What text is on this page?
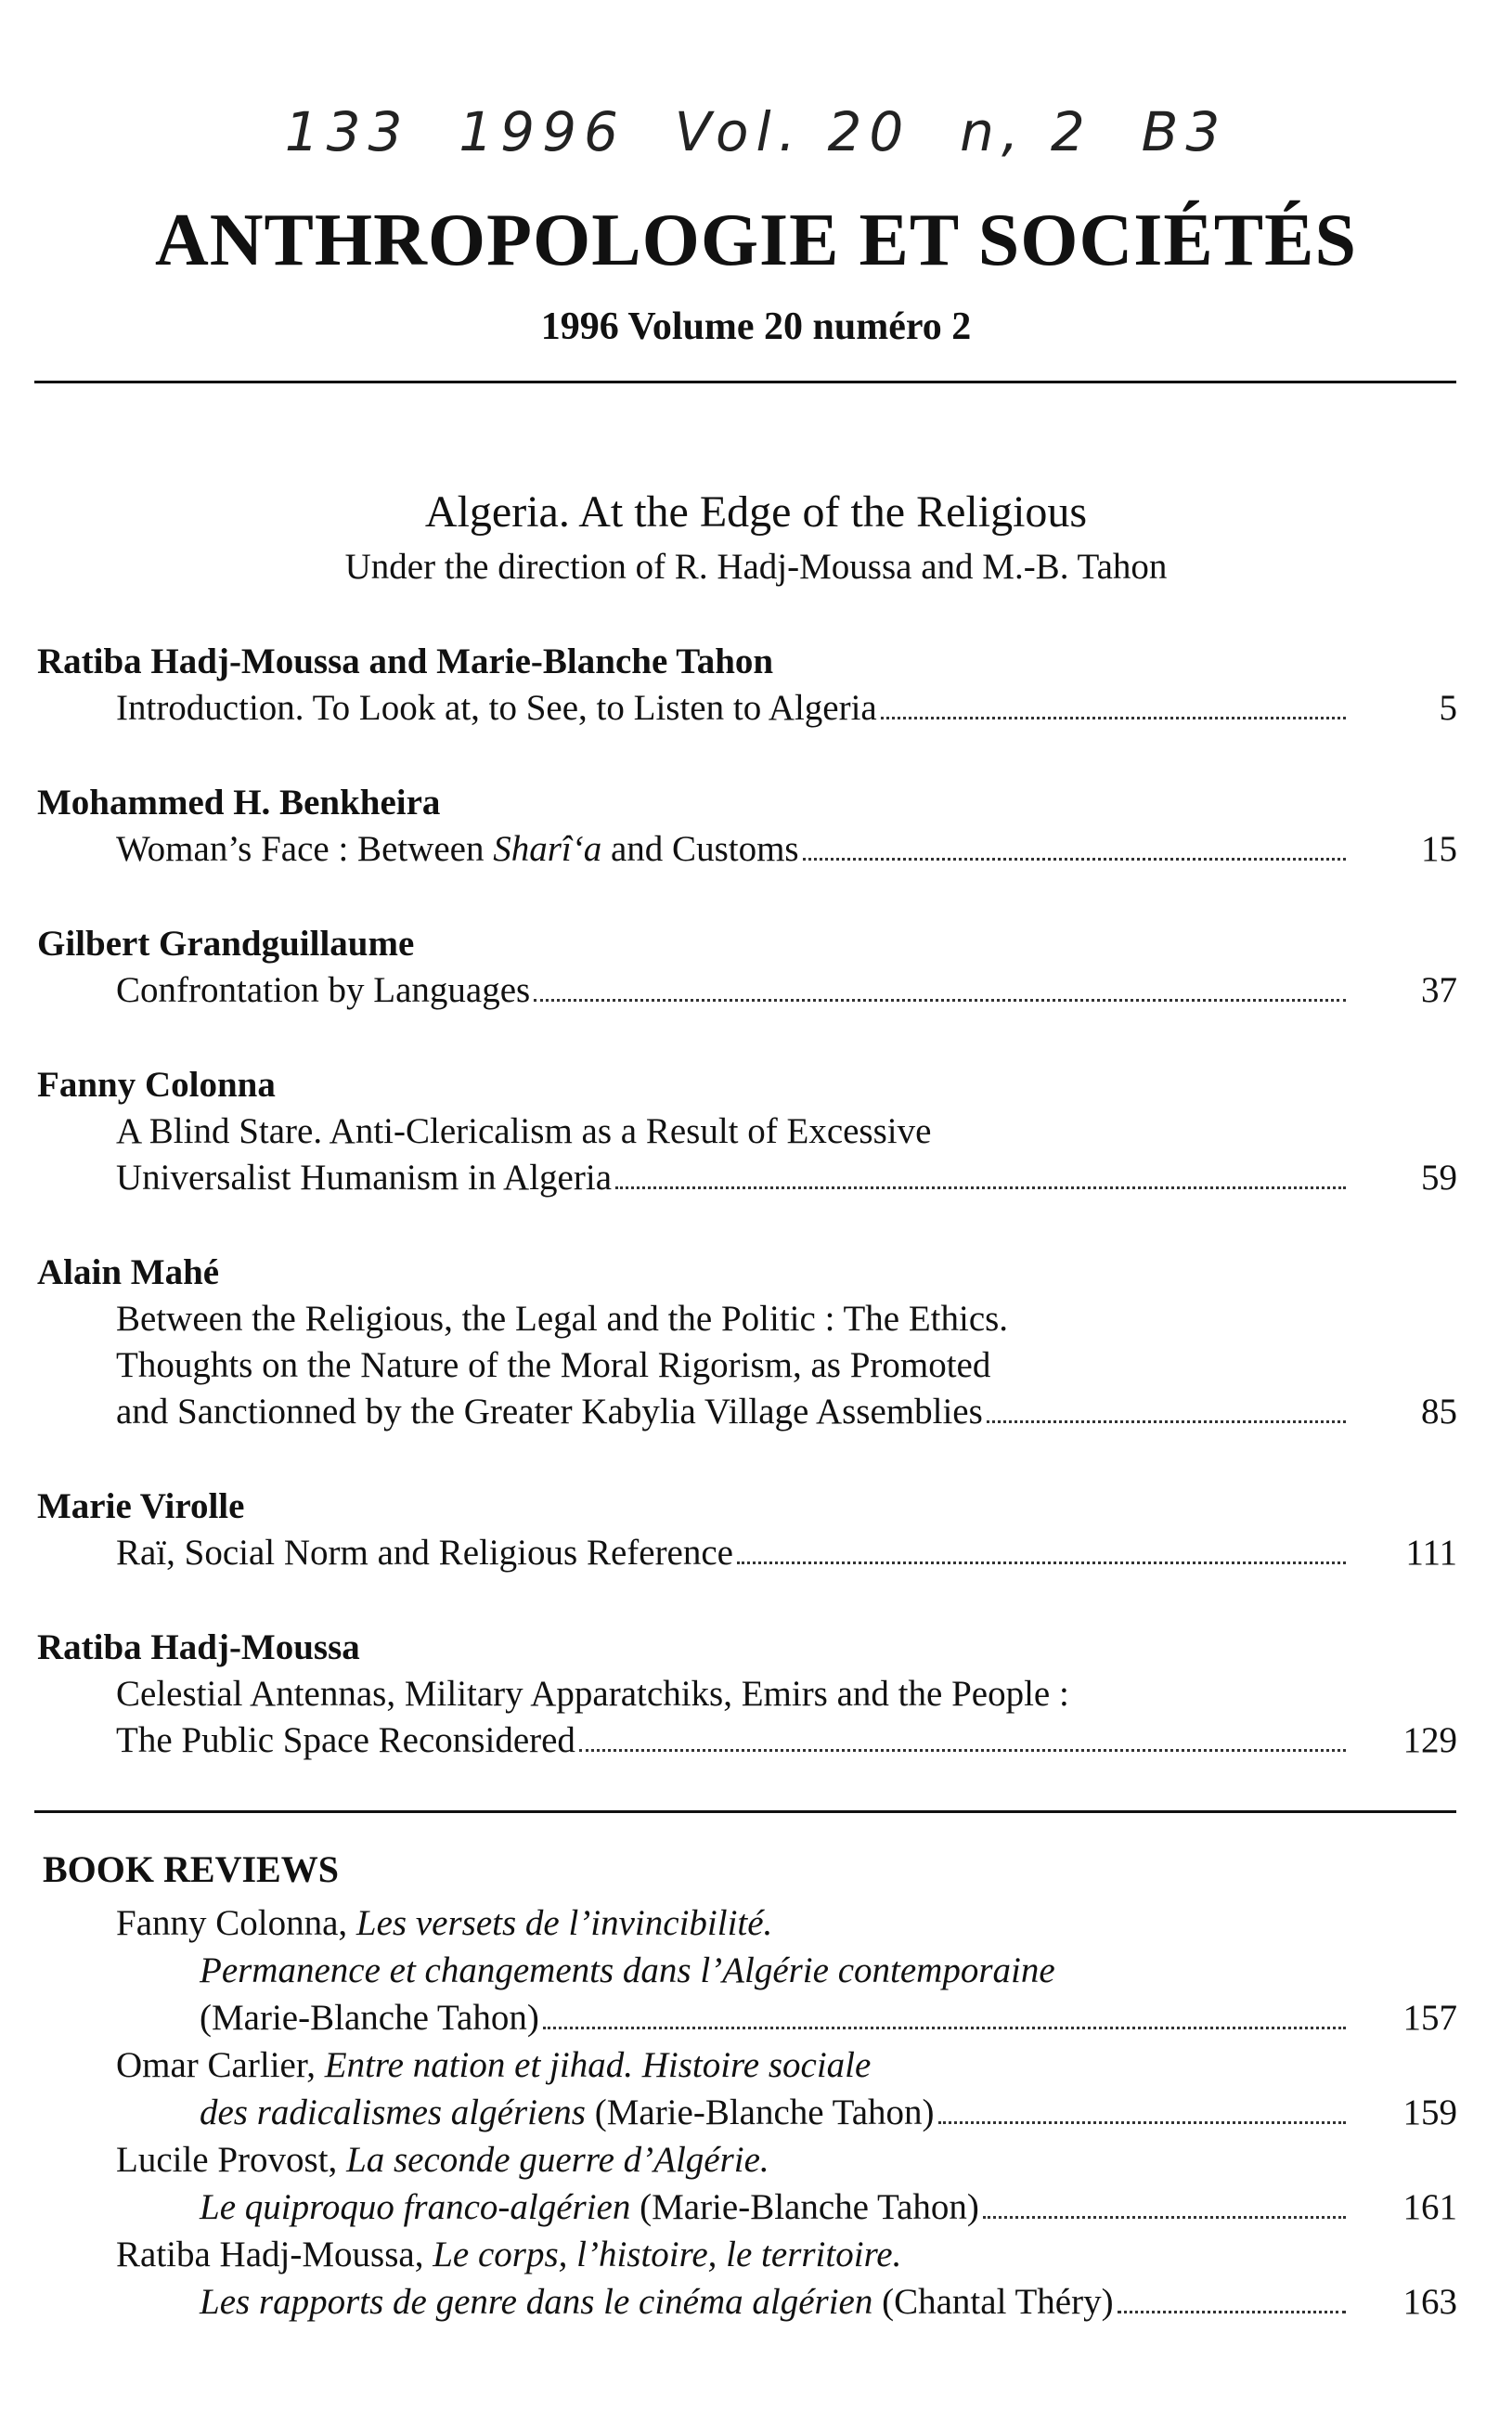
133  1996  Vol. 20  n, 2  B3
ANTHROPOLOGIE ET SOCIÉTÉS
1996 Volume 20 numéro 2
Algeria. At the Edge of the Religious
Under the direction of R. Hadj-Moussa and M.-B. Tahon
Ratiba Hadj-Moussa and Marie-Blanche Tahon
Introduction. To Look at, to See, to Listen to Algeria	5
Mohammed H. Benkheira
Woman’s Face : Between Sharî‘a and Customs	15
Gilbert Grandguillaume
Confrontation by Languages	37
Fanny Colonna
A Blind Stare. Anti-Clericalism as a Result of Excessive
Universalist Humanism in Algeria	59
Alain Mahé
Between the Religious, the Legal and the Politic : The Ethics.
Thoughts on the Nature of the Moral Rigorism, as Promoted
and Sanctionned by the Greater Kabylia Village Assemblies	85
Marie Virolle
Raï, Social Norm and Religious Reference	111
Ratiba Hadj-Moussa
Celestial Antennas, Military Apparatchiks, Emirs and the People :
The Public Space Reconsidered	129
BOOK REVIEWS
Fanny Colonna, Les versets de l’invincibilité.
Permanence et changements dans l’Algérie contemporaine
(Marie-Blanche Tahon)	157
Omar Carlier, Entre nation et jihad. Histoire sociale
des radicalismes algériens (Marie-Blanche Tahon)	159
Lucile Provost, La seconde guerre d’Algérie.
Le quiproquo franco-algérien (Marie-Blanche Tahon)	161
Ratiba Hadj-Moussa, Le corps, l’histoire, le territoire.
Les rapports de genre dans le cinéma algérien (Chantal Théry)	163
